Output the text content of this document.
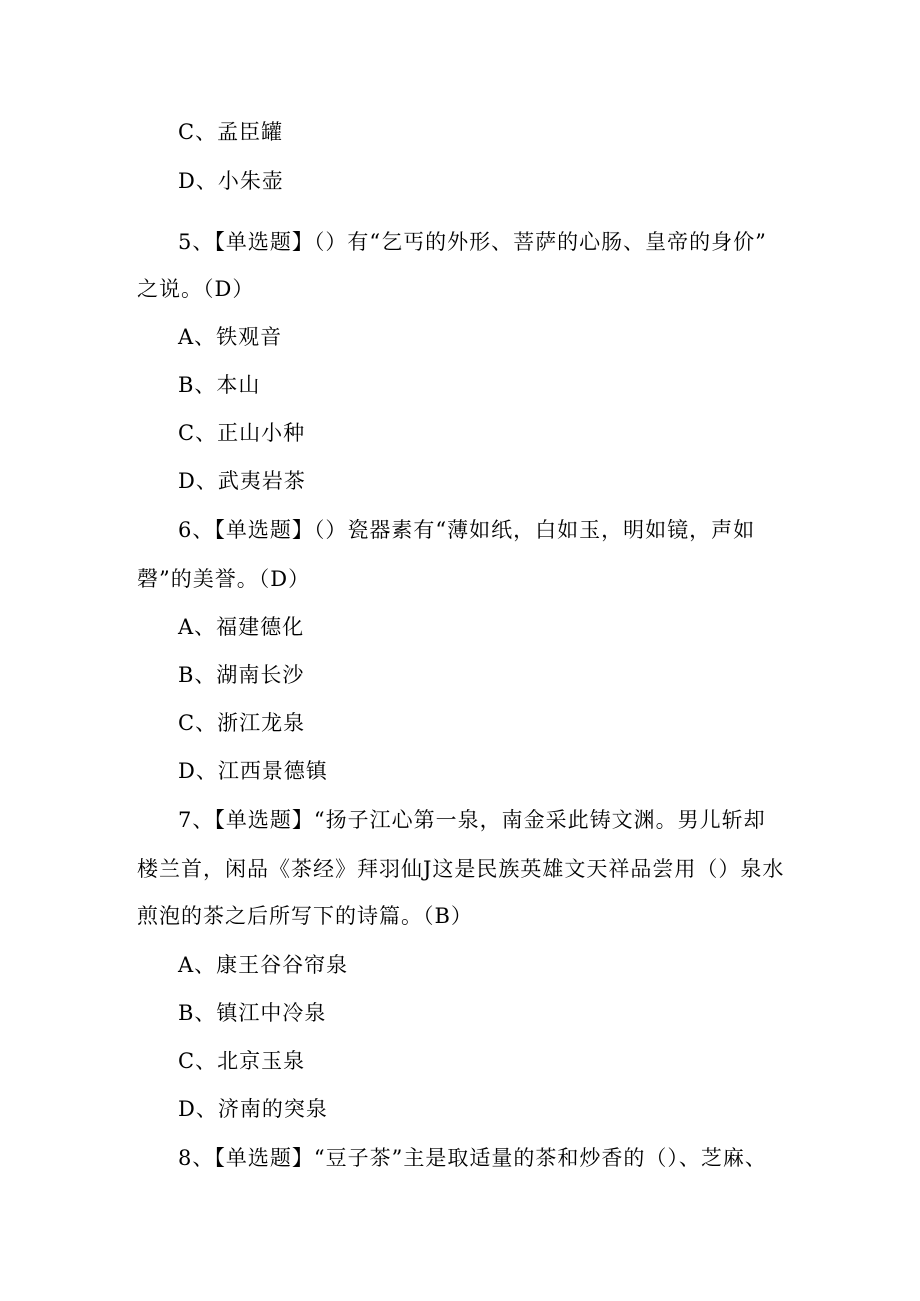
C、孟臣罐
D、小朱壶
5、【单选题】（）有“乞丐的外形、菩萨的心肠、皇帝的身价”
之说。（D）
A、铁观音
B、本山
C、正山小种
D、武夷岩茶
6、【单选题】（）瓷器素有“薄如纸，白如玉，明如镜，声如
磬”的美誉。（D）
A、福建德化
B、湖南长沙
C、浙江龙泉
D、江西景德镇
7、【单选题】“扬子江心第一泉，南金采此铸文渊。男儿斩却
楼兰首，闲品《茶经》拜羽仙J这是民族英雄文天祥品尝用（）泉水
煎泡的茶之后所写下的诗篇。（B）
A、康王谷谷帘泉
B、镇江中冷泉
C、北京玉泉
D、济南的突泉
8、【单选题】“豆子茶”主是取适量的茶和炒香的（）、芝麻、
